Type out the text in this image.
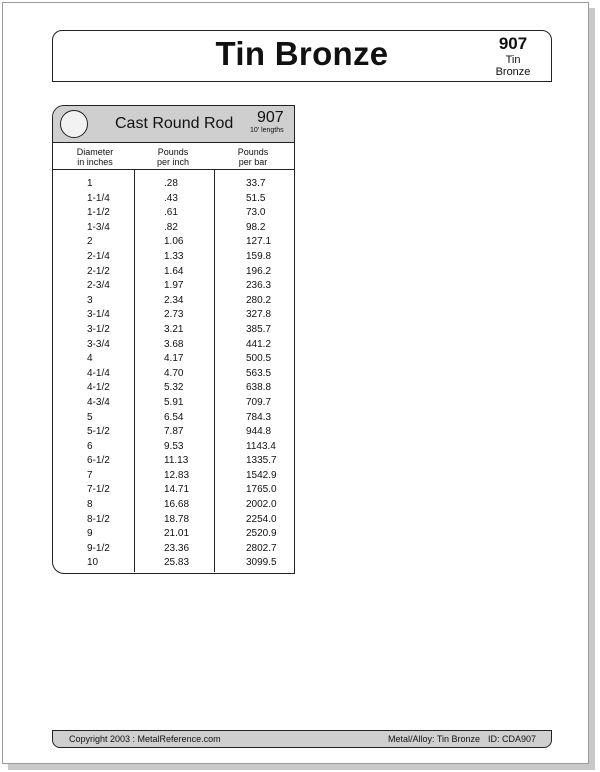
Tin Bronze	907
Tin
Bronze
Cast Round Rod 907
10' lengths
Diameter
in inches
Pounds
per inch
Pounds
per bar
1	.28	33.7
1-1/4	.43	51.5
1-1/2	.61	73.0
1-3/4	.82	98.2
2	1.06	127.1
2-1/4	1.33	159.8
2-1/2	1.64	196.2
2-3/4	1.97	236.3
3	2.34	280.2
3-1/4	2.73	327.8
3-1/2	3.21	385.7
3-3/4	3.68	441.2
4	4.17	500.5
4-1/4	4.70	563.5
4-1/2	5.32	638.8
4-3/4	5.91	709.7
5	6.54	784.3
5-1/2	7.87	944.8
6	9.53	1143.4
6-1/2	11.13	1335.7
7	12.83	1542.9
7-1/2	14.71	1765.0
8	16.68	2002.0
8-1/2	18.78	2254.0
9	21.01	2520.9
9-1/2	23.36	2802.7
10	25.83	3099.5
Copyright 2003 : MetalReference.com	Metal/Alloy: Tin Bronze ID: CDA907
